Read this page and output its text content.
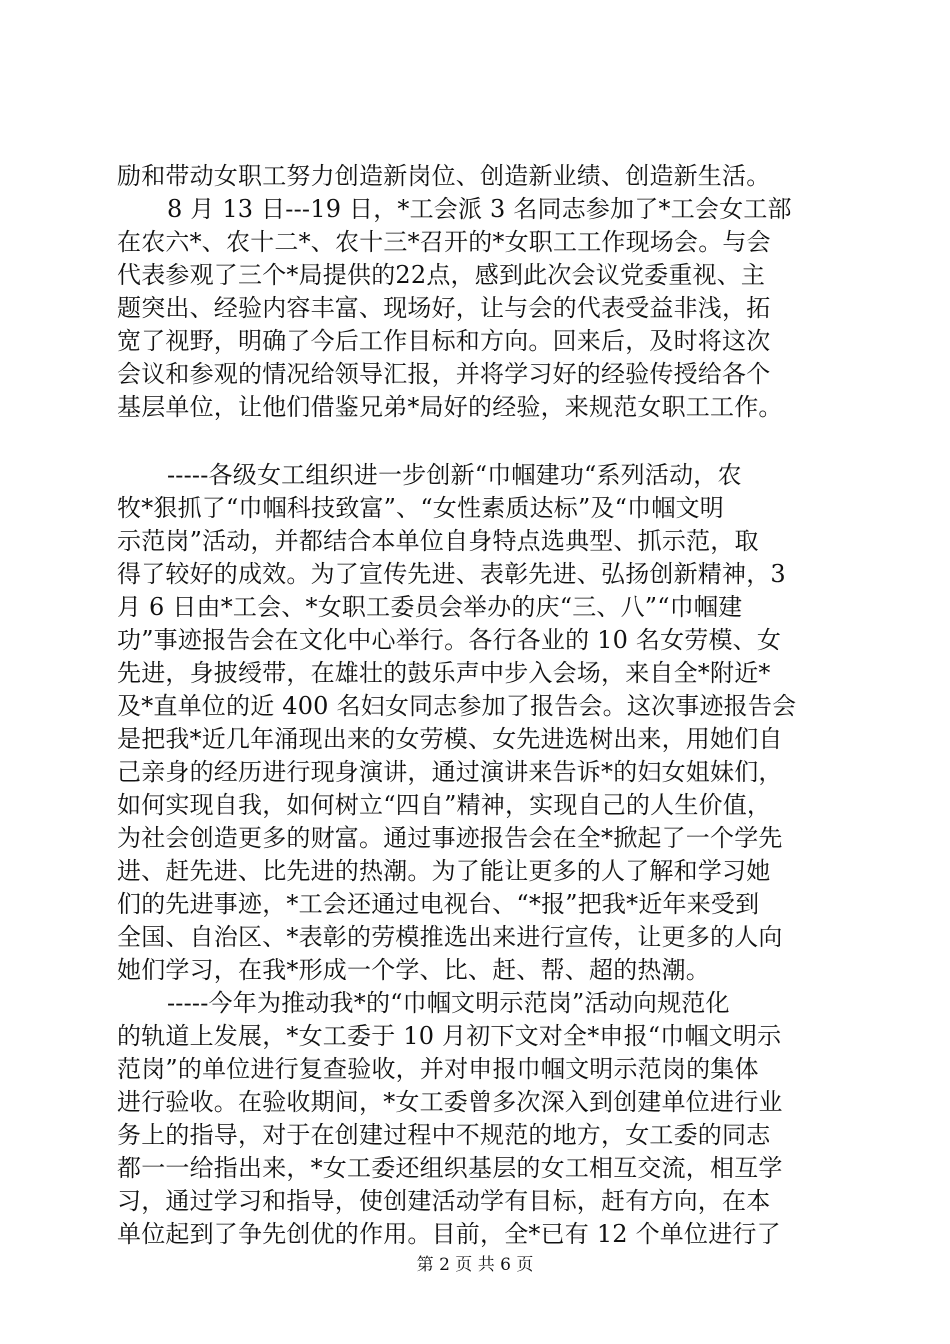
励和带动女职工努力创造新岗位、创造新业绩、创造新生活。
8 月 13 日---19 日，*工会派 3 名同志参加了*工会女工部
在农六*、农十二*、农十三*召开的*女职工工作现场会。与会
代表参观了三个*局提供的22点，感到此次会议党委重视、主
题突出、经验内容丰富、现场好，让与会的代表受益非浅，拓
宽了视野，明确了今后工作目标和方向。回来后，及时将这次
会议和参观的情况给领导汇报，并将学习好的经验传授给各个
基层单位，让他们借鉴兄弟*局好的经验，来规范女职工工作。
-----各级女工组织进一步创新“巾帼建功“系列活动，农
牧*狠抓了“巾帼科技致富”、“女性素质达标”及“巾帼文明
示范岗”活动，并都结合本单位自身特点选典型、抓示范，取
得了较好的成效。为了宣传先进、表彰先进、弘扬创新精神，3
月 6 日由*工会、*女职工委员会举办的庆“三、八”“巾帼建
功”事迹报告会在文化中心举行。各行各业的 10 名女劳模、女
先进，身披绶带，在雄壮的鼓乐声中步入会场，来自全*附近*
及*直单位的近 400 名妇女同志参加了报告会。这次事迹报告会
是把我*近几年涌现出来的女劳模、女先进选树出来，用她们自
己亲身的经历进行现身演讲，通过演讲来告诉*的妇女姐妹们，
如何实现自我，如何树立“四自”精神，实现自己的人生价值，
为社会创造更多的财富。通过事迹报告会在全*掀起了一个学先
进、赶先进、比先进的热潮。为了能让更多的人了解和学习她
们的先进事迹，*工会还通过电视台、“*报”把我*近年来受到
全国、自治区、*表彰的劳模推选出来进行宣传，让更多的人向
她们学习，在我*形成一个学、比、赶、帮、超的热潮。
-----今年为推动我*的“巾帼文明示范岗”活动向规范化
的轨道上发展，*女工委于 10 月初下文对全*申报“巾帼文明示
范岗”的单位进行复查验收，并对申报巾帼文明示范岗的集体
进行验收。在验收期间，*女工委曾多次深入到创建单位进行业
务上的指导，对于在创建过程中不规范的地方，女工委的同志
都一一给指出来，*女工委还组织基层的女工相互交流，相互学
习，通过学习和指导，使创建活动学有目标，赶有方向，在本
单位起到了争先创优的作用。目前，全*已有 12 个单位进行了
第 2 页 共 6 页
